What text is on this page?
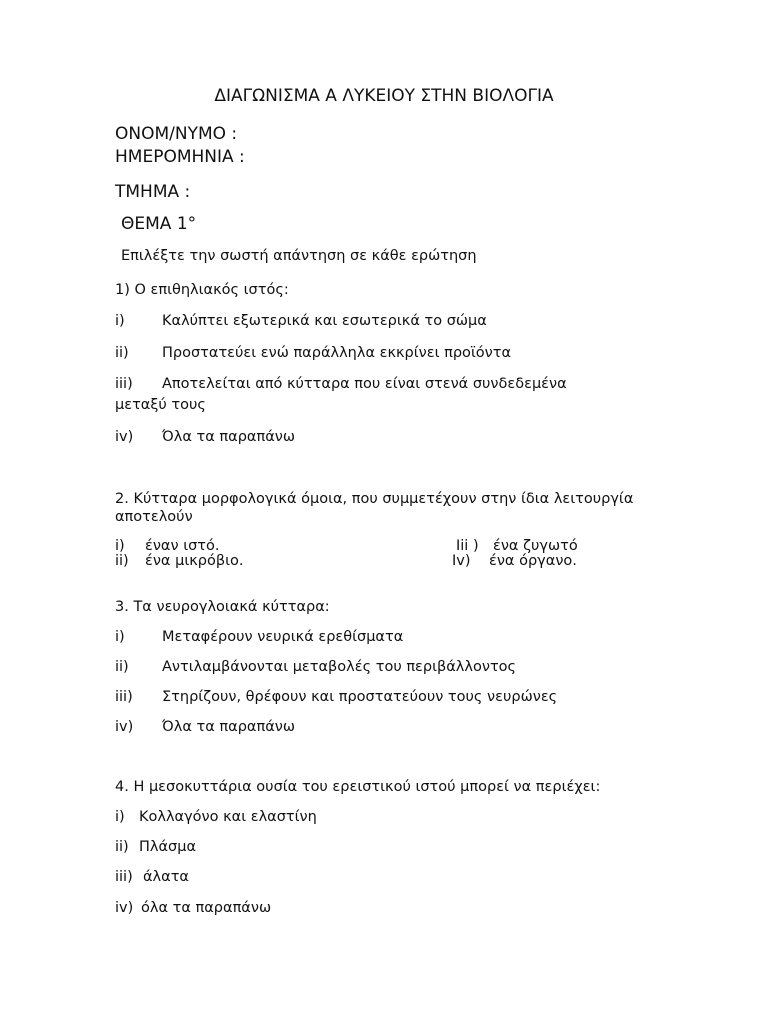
ΔΙΑΓΩΝΙΣΜΑ Α ΛΥΚΕΙΟΥ ΣΤΗΝ ΒΙΟΛΟΓΙΑ
ΟΝΟΜ/ΝΥΜΟ :
ΗΜΕΡΟΜΗΝΙΑ :
ΤΜΗΜΑ :
ΘΕΜΑ 1°
Επιλέξτε την σωστή απάντηση σε κάθε ερώτηση
1) Ο επιθηλιακός ιστός:
i)	Καλύπτει εξωτερικά και εσωτερικά το σώμα
ii) Προστατεύει ενώ παράλληλα εκκρίνει προϊόντα
iii) Αποτελείται από κύτταρα που είναι στενά συνδεδεμένα
μεταξύ τους
iv) Όλα τα παραπάνω
2. Κύτταρα μορφολογικά όμοια, που συμμετέχουν στην ίδια λειτουργία
αποτελούν
i) έναν ιστό.	Iii ) ένα ζυγωτό
ii) ένα μικρόβιο.	Iv) ένα όργανο.
3. Τα νευρογλοιακά κύτταρα:
i)	Μεταφέρουν νευρικά ερεθίσματα
ii) Αντιλαμβάνονται μεταβολές του περιβάλλοντος
iii) Στηρίζουν, θρέφουν και προστατεύουν τους νευρώνες
iv) Όλα τα παραπάνω
4. Η μεσοκυττάρια ουσία του ερειστικού ιστού μπορεί να περιέχει:
i) Κολλαγόνο και ελαστίνη
ii) Πλάσμα
iii) άλατα
iv) όλα τα παραπάνω
